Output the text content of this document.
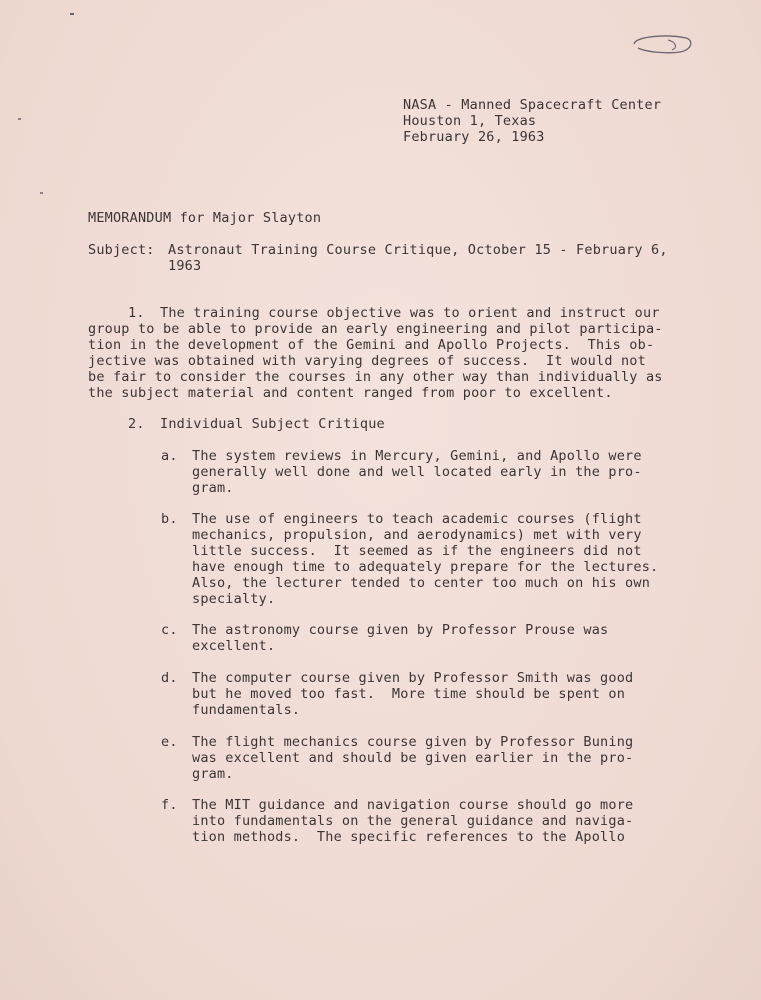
NASA - Manned Spacecraft Center
Houston 1, Texas
February 26, 1963
MEMORANDUM for Major Slayton
Subject: Astronaut Training Course Critique, October 15 - February 6,
1963
1. The training course objective was to orient and instruct our
group to be able to provide an early engineering and pilot participa-
tion in the development of the Gemini and Apollo Projects.  This ob-
jective was obtained with varying degrees of success.  It would not
be fair to consider the courses in any other way than individually as
the subject material and content ranged from poor to excellent.
2. Individual Subject Critique
a. The system reviews in Mercury, Gemini, and Apollo were
generally well done and well located early in the pro-
gram.
b. The use of engineers to teach academic courses (flight
mechanics, propulsion, and aerodynamics) met with very
little success.  It seemed as if the engineers did not
have enough time to adequately prepare for the lectures.
Also, the lecturer tended to center too much on his own
specialty.
c. The astronomy course given by Professor Prouse was
excellent.
d. The computer course given by Professor Smith was good
but he moved too fast.  More time should be spent on
fundamentals.
e. The flight mechanics course given by Professor Buning
was excellent and should be given earlier in the pro-
gram.
f. The MIT guidance and navigation course should go more
into fundamentals on the general guidance and naviga-
tion methods.  The specific references to the Apollo
